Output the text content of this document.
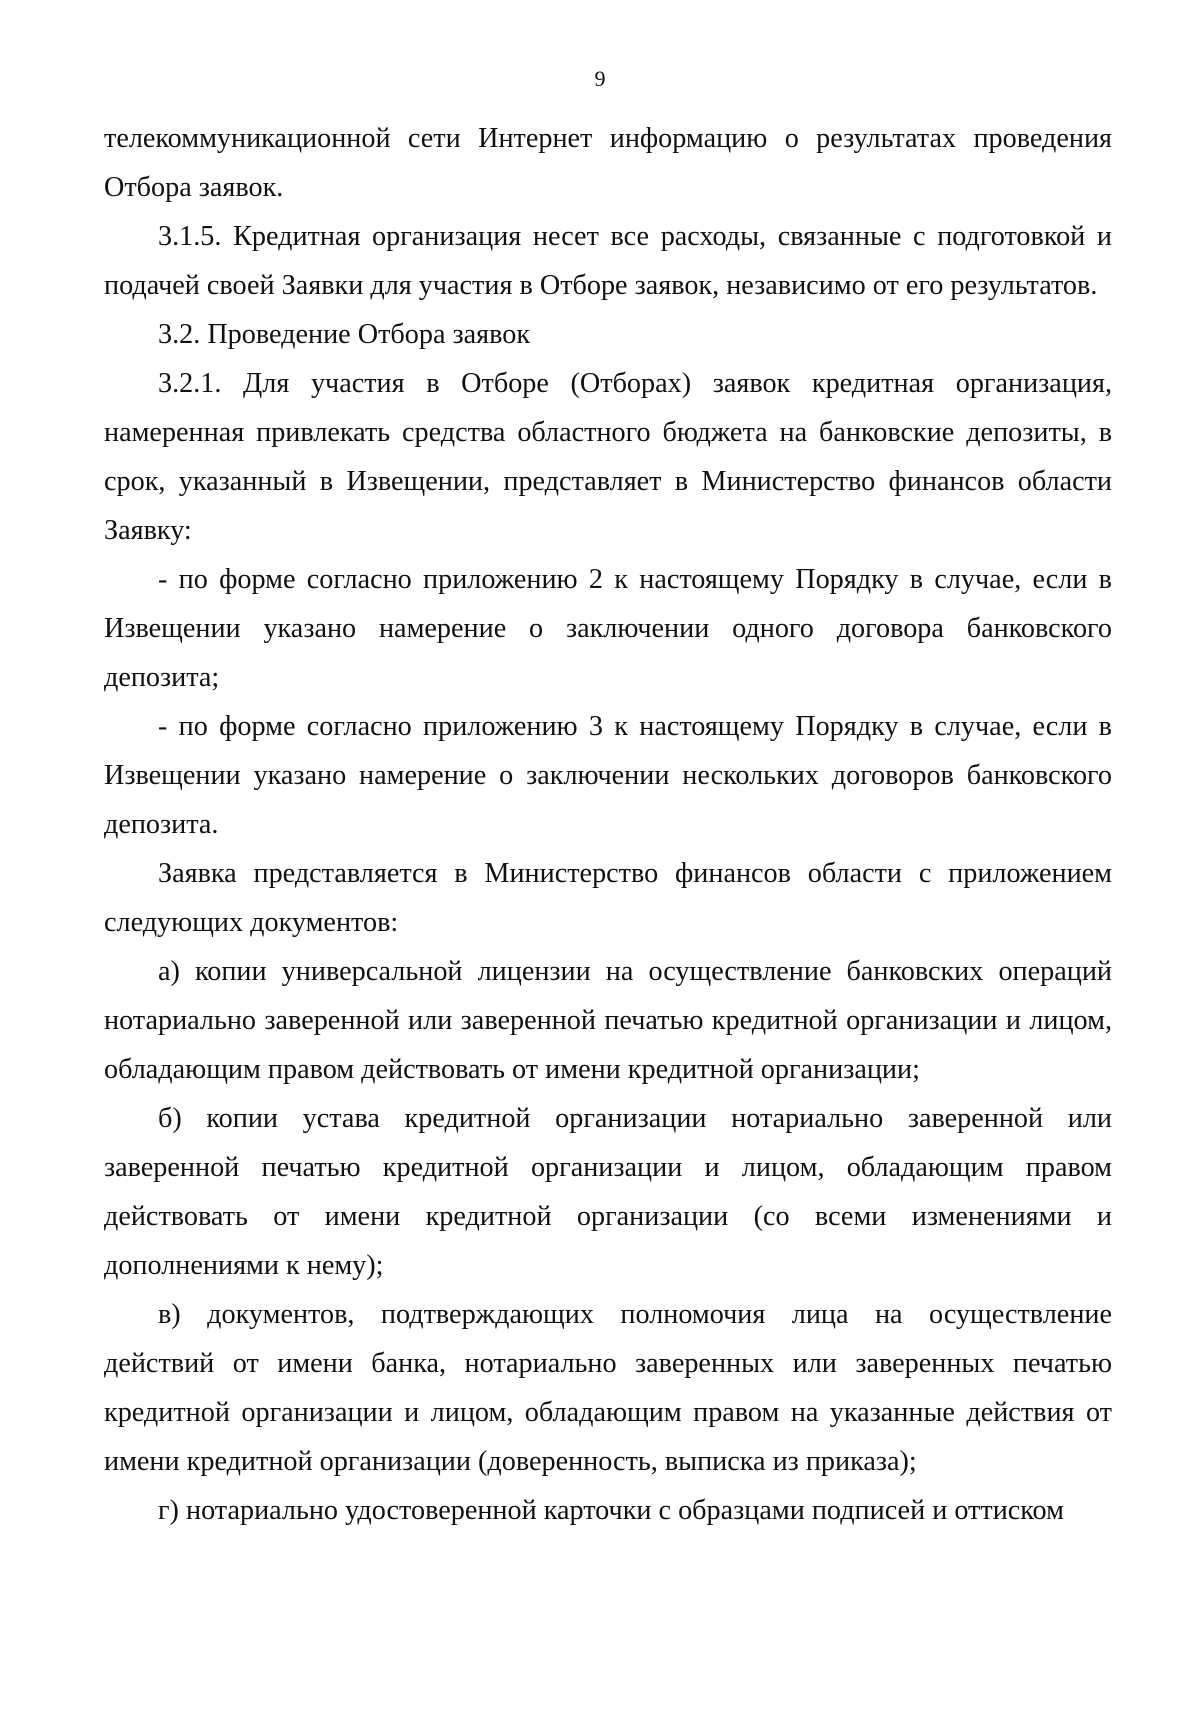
9

телекоммуникационной сети Интернет информацию о результатах проведения Отбора заявок.

3.1.5. Кредитная организация несет все расходы, связанные с подготовкой и подачей своей Заявки для участия в Отборе заявок, независимо от его результатов.

3.2. Проведение Отбора заявок

3.2.1. Для участия в Отборе (Отборах) заявок кредитная организация, намеренная привлекать средства областного бюджета на банковские депозиты, в срок, указанный в Извещении, представляет в Министерство финансов области Заявку:

- по форме согласно приложению 2 к настоящему Порядку в случае, если в Извещении указано намерение о заключении одного договора банковского депозита;

- по форме согласно приложению 3 к настоящему Порядку в случае, если в Извещении указано намерение о заключении нескольких договоров банковского депозита.

Заявка представляется в Министерство финансов области с приложением следующих документов:

а) копии универсальной лицензии на осуществление банковских операций нотариально заверенной или заверенной печатью кредитной организации и лицом, обладающим правом действовать от имени кредитной организации;

б) копии устава кредитной организации нотариально заверенной или заверенной печатью кредитной организации и лицом, обладающим правом действовать от имени кредитной организации (со всеми изменениями и дополнениями к нему);

в) документов, подтверждающих полномочия лица на осуществление действий от имени банка, нотариально заверенных или заверенных печатью кредитной организации и лицом, обладающим правом на указанные действия от имени кредитной организации (доверенность, выписка из приказа);

г) нотариально удостоверенной карточки с образцами подписей и оттиском
